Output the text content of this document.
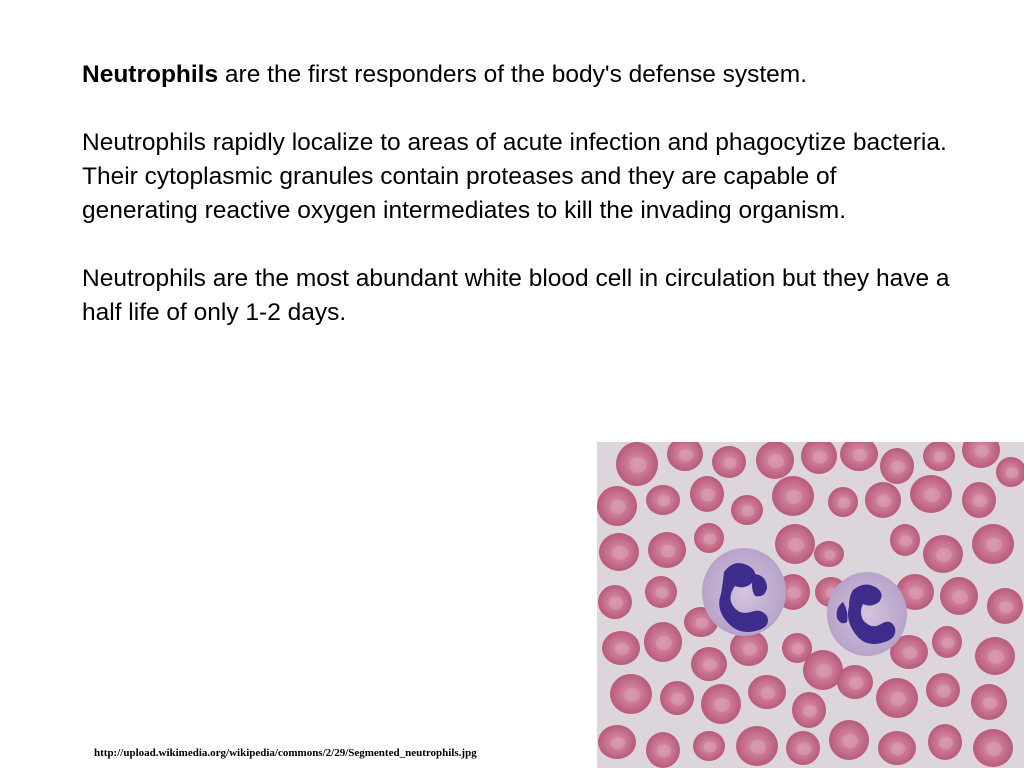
Neutrophils are the first responders of the body's defense system.

Neutrophils rapidly localize to areas of acute infection and phagocytize bacteria. Their cytoplasmic granules contain proteases and they are capable of generating reactive oxygen intermediates to kill the invading organism.

Neutrophils are the most abundant white blood cell in circulation but they have a half life of only 1-2 days.

http://upload.wikimedia.org/wikipedia/commons/2/29/Segmented_neutrophils.jpg
